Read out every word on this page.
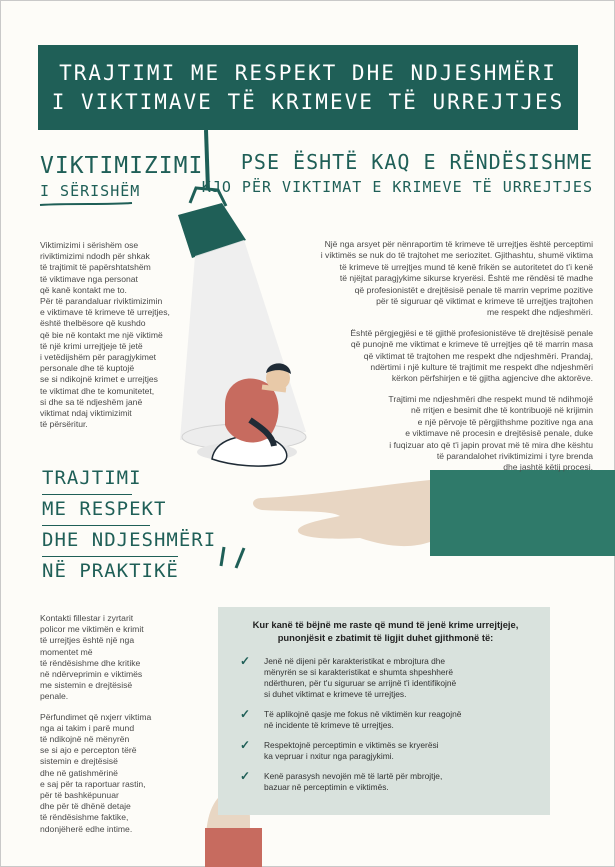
TRAJTIMI ME RESPEKT DHE NDJESHMËRI
I VIKTIMAVE TË KRIMEVE TË URREJTJES
VIKTIMIZIMI
I SËRISHËM
PSE ËSHTË KAQ E RËNDËSISHME
KJO PËR VIKTIMAT E KRIMEVE TË URREJTJES

Viktimizimi i sërishëm ose
riviktimizimi ndodh për shkak
të trajtimit të papërshtatshëm
të viktimave nga personat
që kanë kontakt me to.
Për të parandaluar riviktimizimin
e viktimave të krimeve të urrejtjes,
është thelbësore që kushdo
që bie në kontakt me një viktimë
të një krimi urrejtjeje të jetë
i vetëdijshëm për paragjykimet
personale dhe të kuptojë
se si ndikojnë krimet e urrejtjes
te viktimat dhe te komunitetet,
si dhe sa të ndjeshëm janë
viktimat ndaj viktimizimit
të përsëritur.

Një nga arsyet për nënraportim të krimeve të urrejtjes është perceptimi
i viktimës se nuk do të trajtohet me seriozitet. Gjithashtu, shumë viktima
të krimeve të urrejtjes mund të kenë frikën se autoritetet do t'i kenë
të njëjtat paragjykime sikurse kryerësi. Është me rëndësi të madhe
që profesionistët e drejtësisë penale të marrin veprime pozitive
për të siguruar që viktimat e krimeve të urrejtjes trajtohen
me respekt dhe ndjeshmëri.

Është përgjegjësi e të gjithë profesionistëve të drejtësisë penale
që punojnë me viktimat e krimeve të urrejtjes që të marrin masa
që viktimat të trajtohen me respekt dhe ndjeshmëri. Prandaj,
ndërtimi i një kulture të trajtimit me respekt dhe ndjeshmëri
kërkon përfshirjen e të gjitha agjencive dhe aktorëve.

Trajtimi me ndjeshmëri dhe respekt mund të ndihmojë
në rritjen e besimit dhe të kontribuojë në krijimin
e një përvoje të përgjithshme pozitive nga ana
e viktimave në procesin e drejtësisë penale, duke
i fuqizuar ato që t'i japin provat më të mira dhe kështu
të parandalohet riviktimizimi i tyre brenda
dhe jashtë këtij procesi.

TRAJTIMI
ME RESPEKT
DHE NDJESHMËRI
NË PRAKTIKË

Kontakti fillestar i zyrtarit
policor me viktimën e krimit
të urrejtjes është një nga
momentet më
të rëndësishme dhe kritike
në ndërveprimin e viktimës
me sistemin e drejtësisë
penale.

Përfundimet që nxjerr viktima
nga ai takim i parë mund
të ndikojnë në mënyrën
se si ajo e percepton tërë
sistemin e drejtësisë
dhe në gatishmërinë
e saj për ta raportuar rastin,
për të bashkëpunuar
dhe për të dhënë detaje
të rëndësishme faktike,
ndonjëherë edhe intime.

Kur kanë të bëjnë me raste që mund të jenë krime urrejtjeje,
punonjësit e zbatimit të ligjit duhet gjithmonë të:
✓ Jenë në dijeni për karakteristikat e mbrojtura dhe
mënyrën se si karakteristikat e shumta shpeshherë
ndërthuren, për t'u siguruar se arrijnë t'i identifikojnë
si duhet viktimat e krimeve të urrejtjes.
✓ Të aplikojnë qasje me fokus në viktimën kur reagojnë
në incidente të krimeve të urrejtjes.
✓ Respektojnë perceptimin e viktimës se kryerësi
ka vepruar i nxitur nga paragjykimi.
✓ Kenë parasysh nevojën më të lartë për mbrojtje,
bazuar në perceptimin e viktimës.
